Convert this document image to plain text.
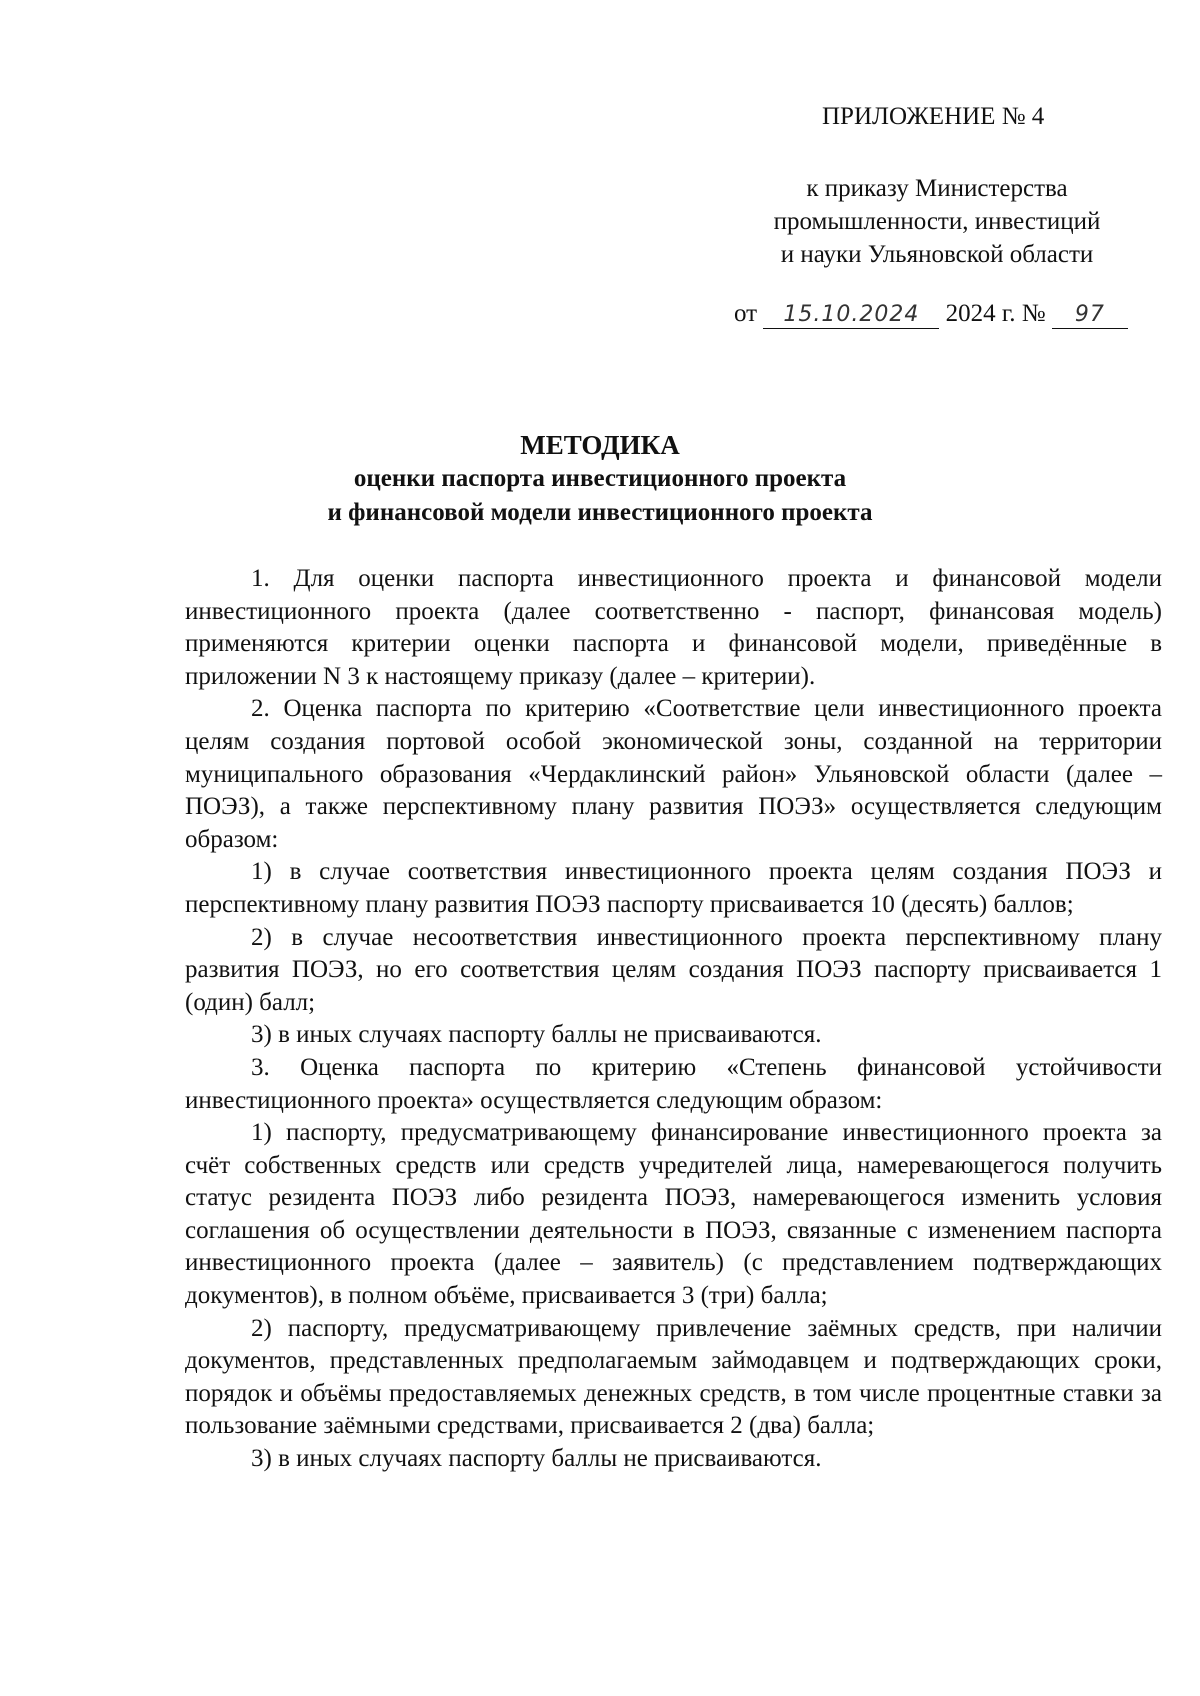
ПРИЛОЖЕНИЕ № 4
к приказу Министерства
промышленности, инвестиций
и науки Ульяновской области
от 15.10.2024 2024 г. № 97
МЕТОДИКА
оценки паспорта инвестиционного проекта
и финансовой модели инвестиционного проекта

1. Для оценки паспорта инвестиционного проекта и финансовой модели инвестиционного проекта (далее соответственно - паспорт, финансовая модель) применяются критерии оценки паспорта и финансовой модели, приведённые в приложении N 3 к настоящему приказу (далее – критерии).

2. Оценка паспорта по критерию «Соответствие цели инвестиционного проекта целям создания портовой особой экономической зоны, созданной на территории муниципального образования «Чердаклинский район» Ульяновской области (далее – ПОЭЗ), а также перспективному плану развития ПОЭЗ» осуществляется следующим образом:

1) в случае соответствия инвестиционного проекта целям создания ПОЭЗ и перспективному плану развития ПОЭЗ паспорту присваивается 10 (десять) баллов;

2) в случае несоответствия инвестиционного проекта перспективному плану развития ПОЭЗ, но его соответствия целям создания ПОЭЗ паспорту присваивается 1 (один) балл;

3) в иных случаях паспорту баллы не присваиваются.

3. Оценка паспорта по критерию «Степень финансовой устойчивости инвестиционного проекта» осуществляется следующим образом:

1) паспорту, предусматривающему финансирование инвестиционного проекта за счёт собственных средств или средств учредителей лица, намеревающегося получить статус резидента ПОЭЗ либо резидента ПОЭЗ, намеревающегося изменить условия соглашения об осуществлении деятельности в ПОЭЗ, связанные с изменением паспорта инвестиционного проекта (далее – заявитель) (с представлением подтверждающих документов), в полном объёме, присваивается 3 (три) балла;

2) паспорту, предусматривающему привлечение заёмных средств, при наличии документов, представленных предполагаемым займодавцем и подтверждающих сроки, порядок и объёмы предоставляемых денежных средств, в том числе процентные ставки за пользование заёмными средствами, присваивается 2 (два) балла;

3) в иных случаях паспорту баллы не присваиваются.
